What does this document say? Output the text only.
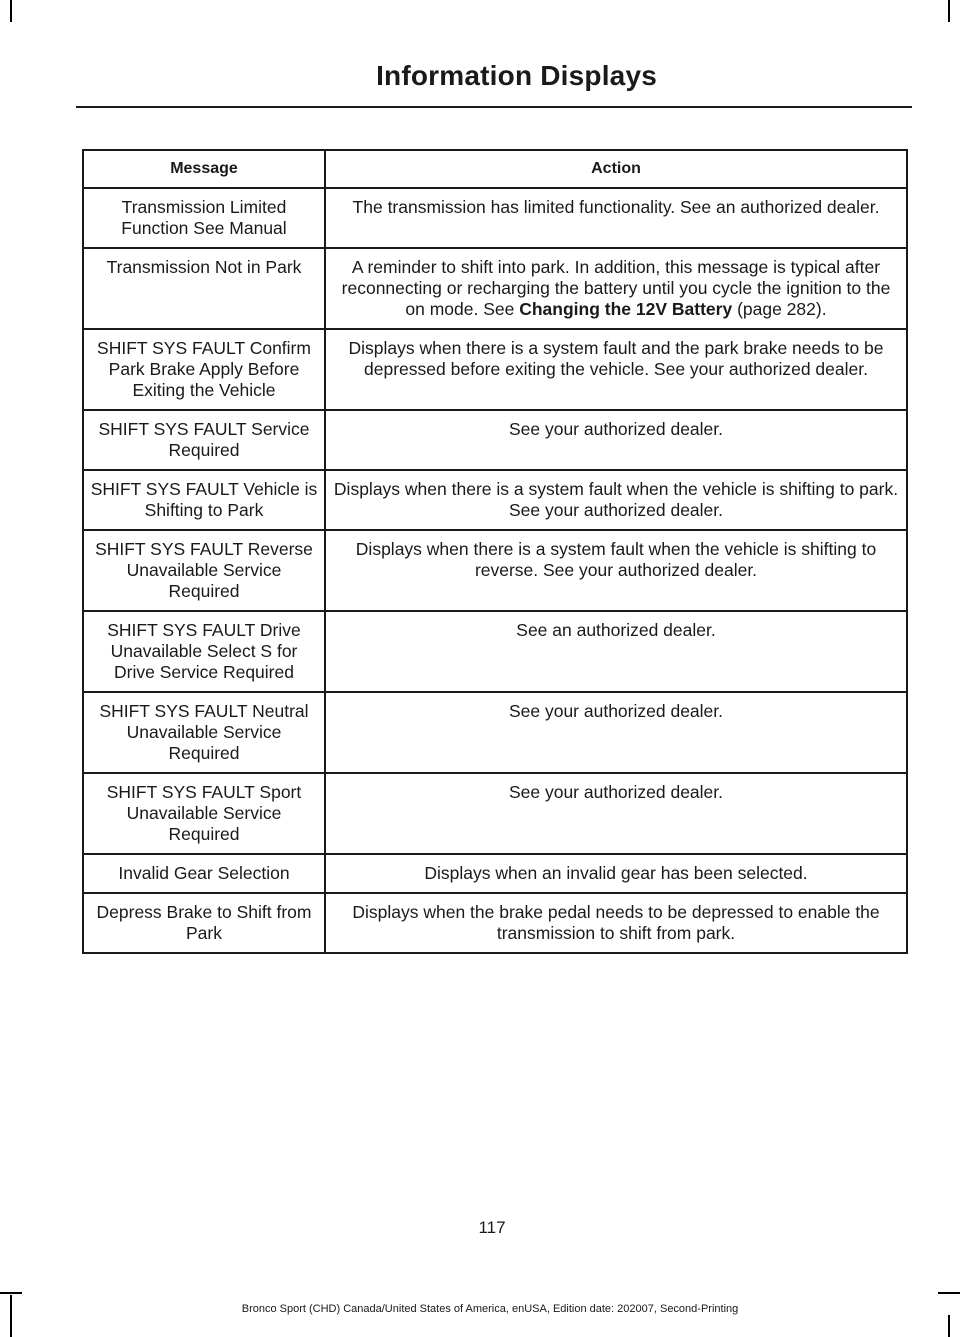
Information Displays
Message	Action
Transmission Limited Function See Manual	The transmission has limited functionality. See an authorized dealer.
Transmission Not in Park	A reminder to shift into park. In addition, this message is typical after reconnecting or recharging the battery until you cycle the ignition to the on mode. See Changing the 12V Battery (page 282).
SHIFT SYS FAULT Confirm Park Brake Apply Before Exiting the Vehicle	Displays when there is a system fault and the park brake needs to be depressed before exiting the vehicle. See your authorized dealer.
SHIFT SYS FAULT Service Required	See your authorized dealer.
SHIFT SYS FAULT Vehicle is Shifting to Park	Displays when there is a system fault when the vehicle is shifting to park. See your authorized dealer.
SHIFT SYS FAULT Reverse Unavailable Service Required	Displays when there is a system fault when the vehicle is shifting to reverse. See your authorized dealer.
SHIFT SYS FAULT Drive Unavailable Select S for Drive Service Required	See an authorized dealer.
SHIFT SYS FAULT Neutral Unavailable Service Required	See your authorized dealer.
SHIFT SYS FAULT Sport Unavailable Service Required	See your authorized dealer.
Invalid Gear Selection	Displays when an invalid gear has been selected.
Depress Brake to Shift from Park	Displays when the brake pedal needs to be depressed to enable the transmission to shift from park.
117
Bronco Sport (CHD) Canada/United States of America, enUSA, Edition date: 202007, Second-Printing
